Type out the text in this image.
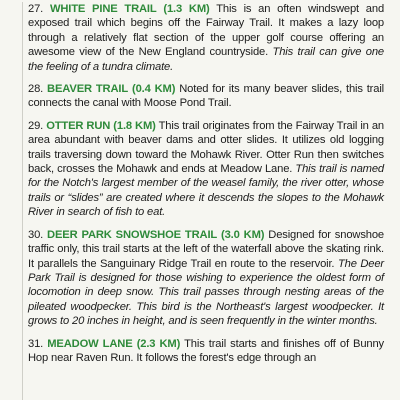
27. WHITE PINE TRAIL (1.3 KM) This is an often windswept and exposed trail which begins off the Fairway Trail. It makes a lazy loop through a relatively flat section of the upper golf course offering an awesome view of the New England countryside. This trail can give one the feeling of a tundra climate.

28. BEAVER TRAIL (0.4 KM) Noted for its many beaver slides, this trail connects the canal with Moose Pond Trail.

29. OTTER RUN (1.8 KM) This trail originates from the Fairway Trail in an area abundant with beaver dams and otter slides. It utilizes old logging trails traversing down toward the Mohawk River. Otter Run then switches back, crosses the Mohawk and ends at Meadow Lane. This trail is named for the Notch's largest member of the weasel family, the river otter, whose trails or “slides” are created where it descends the slopes to the Mohawk River in search of fish to eat.

30. DEER PARK SNOWSHOE TRAIL (3.0 KM) Designed for snowshoe traffic only, this trail starts at the left of the waterfall above the skating rink. It parallels the Sanguinary Ridge Trail en route to the reservoir. The Deer Park Trail is designed for those wishing to experience the oldest form of locomotion in deep snow. This trail passes through nesting areas of the pileated woodpecker. This bird is the Northeast's largest woodpecker. It grows to 20 inches in height, and is seen frequently in the winter months.

31. MEADOW LANE (2.3 KM) This trail starts and finishes off of Bunny Hop near Raven Run. It follows the forest's edge through an
